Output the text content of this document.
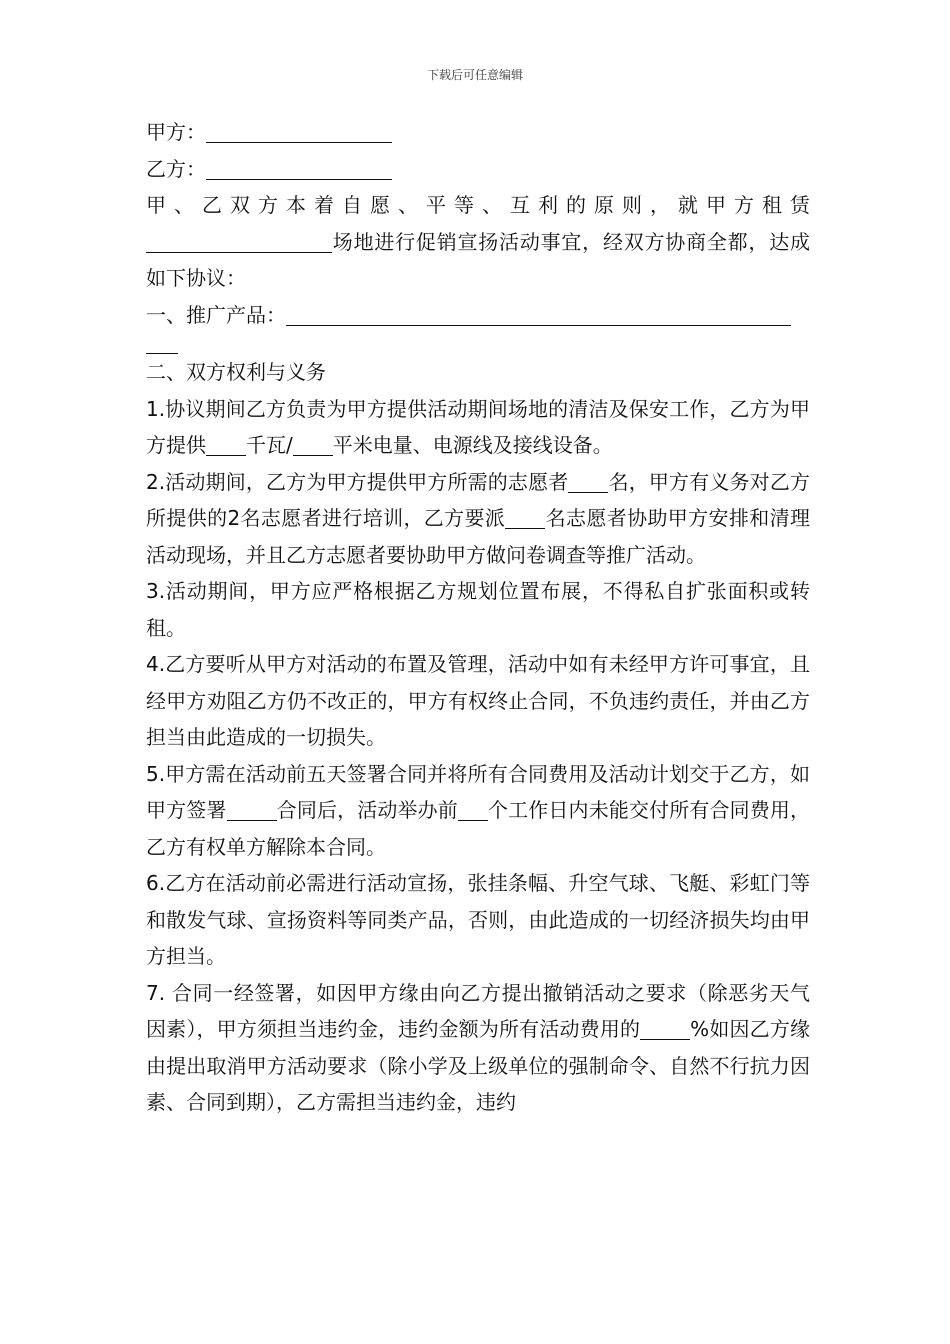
下载后可任意编辑

甲方：

乙方：

甲、乙双方本着自愿、平等、互利的原则，就甲方租赁场地进行促销宣扬活动事宜，经双方协商全都，达成如下协议：

一、推广产品：

二、双方权利与义务

1.协议期间乙方负责为甲方提供活动期间场地的清洁及保安工作，乙方为甲方提供 千瓦/ 平米电量、电源线及接线设备。

2.活动期间，乙方为甲方提供甲方所需的志愿者 名，甲方有义务对乙方所提供的2名志愿者进行培训，乙方要派 名志愿者协助甲方安排和清理活动现场，并且乙方志愿者要协助甲方做问卷调查等推广活动。

3.活动期间，甲方应严格根据乙方规划位置布展，不得私自扩张面积或转租。

4.乙方要听从甲方对活动的布置及管理，活动中如有未经甲方许可事宜，且经甲方劝阻乙方仍不改正的，甲方有权终止合同，不负违约责任，并由乙方担当由此造成的一切损失。

5.甲方需在活动前五天签署合同并将所有合同费用及活动计划交于乙方，如甲方签署	合同后，活动举办前 个工作日内未能交付所有合同费用，乙方有权单方解除本合同。

6.乙方在活动前必需进行活动宣扬，张挂条幅、升空气球、飞艇、彩虹门等和散发气球、宣扬资料等同类产品，否则，由此造成的一切经济损失均由甲方担当。

7. 合同一经签署，如因甲方缘由向乙方提出撤销活动之要求（除恶劣天气因素），甲方须担当违约金，违约金额为所有活动费用的	%如因乙方缘由提出取消甲方活动要求（除小学及上级单位的强制命令、自然不行抗力因素、合同到期），乙方需担当违约金，违约
